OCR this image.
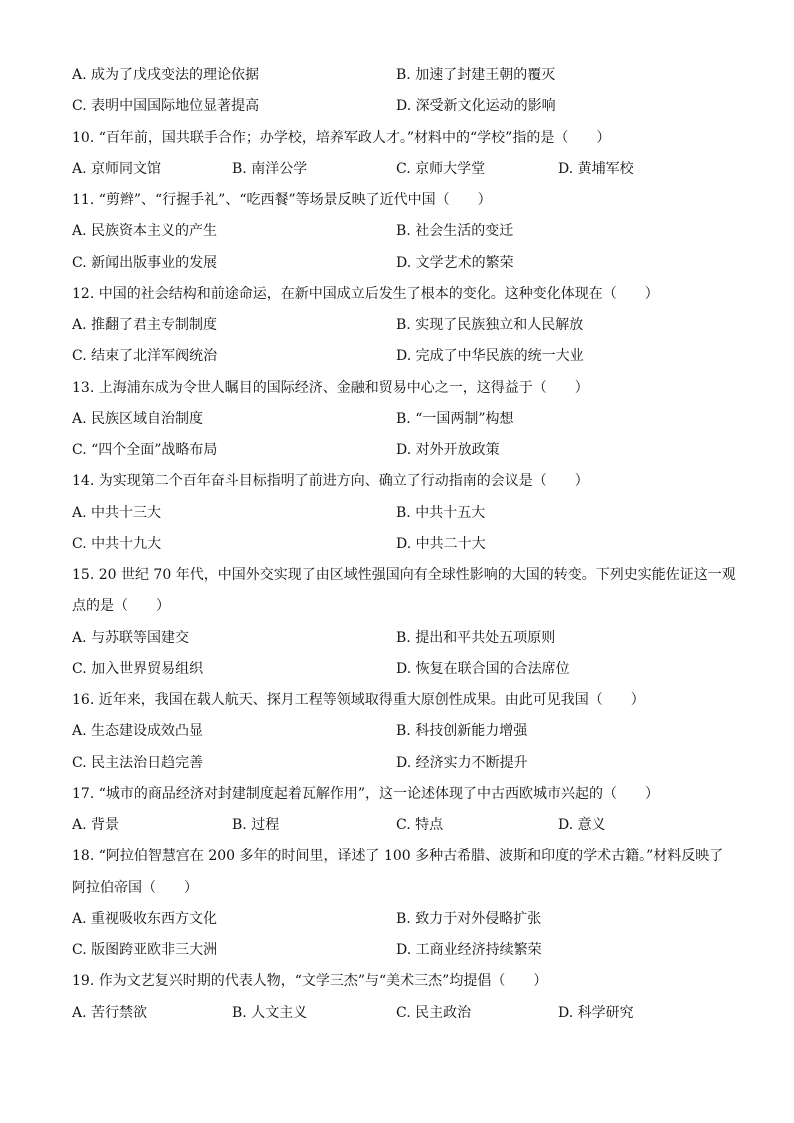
A. 成为了戊戌变法的理论依据	B. 加速了封建王朝的覆灭
C. 表明中国国际地位显著提高	D. 深受新文化运动的影响
10. “百年前，国共联手合作；办学校，培养军政人才。”材料中的“学校”指的是（　　）
A. 京师同文馆	B. 南洋公学	C. 京师大学堂	D. 黄埔军校
11. “剪辫”、“行握手礼”、“吃西餐”等场景反映了近代中国（　　）
A. 民族资本主义的产生	B. 社会生活的变迁
C. 新闻出版事业的发展	D. 文学艺术的繁荣
12. 中国的社会结构和前途命运，在新中国成立后发生了根本的变化。这种变化体现在（　　）
A. 推翻了君主专制制度	B. 实现了民族独立和人民解放
C. 结束了北洋军阀统治	D. 完成了中华民族的统一大业
13. 上海浦东成为令世人瞩目的国际经济、金融和贸易中心之一，这得益于（　　）
A. 民族区域自治制度	B. “一国两制”构想
C. “四个全面”战略布局	D. 对外开放政策
14. 为实现第二个百年奋斗目标指明了前进方向、确立了行动指南的会议是（　　）
A. 中共十三大	B. 中共十五大
C. 中共十九大	D. 中共二十大
15. 20 世纪 70 年代，中国外交实现了由区域性强国向有全球性影响的大国的转变。下列史实能佐证这一观
点的是（　　）
A. 与苏联等国建交	B. 提出和平共处五项原则
C. 加入世界贸易组织	D. 恢复在联合国的合法席位
16. 近年来，我国在载人航天、探月工程等领域取得重大原创性成果。由此可见我国（　　）
A. 生态建设成效凸显	B. 科技创新能力增强
C. 民主法治日趋完善	D. 经济实力不断提升
17. “城市的商品经济对封建制度起着瓦解作用”，这一论述体现了中古西欧城市兴起的（　　）
A. 背景	B. 过程	C. 特点	D. 意义
18. “阿拉伯智慧宫在 200 多年的时间里，译述了 100 多种古希腊、波斯和印度的学术古籍。”材料反映了
阿拉伯帝国（　　）
A. 重视吸收东西方文化	B. 致力于对外侵略扩张
C. 版图跨亚欧非三大洲	D. 工商业经济持续繁荣
19. 作为文艺复兴时期的代表人物，“文学三杰”与“美术三杰”均提倡（　　）
A. 苦行禁欲	B. 人文主义	C. 民主政治	D. 科学研究
